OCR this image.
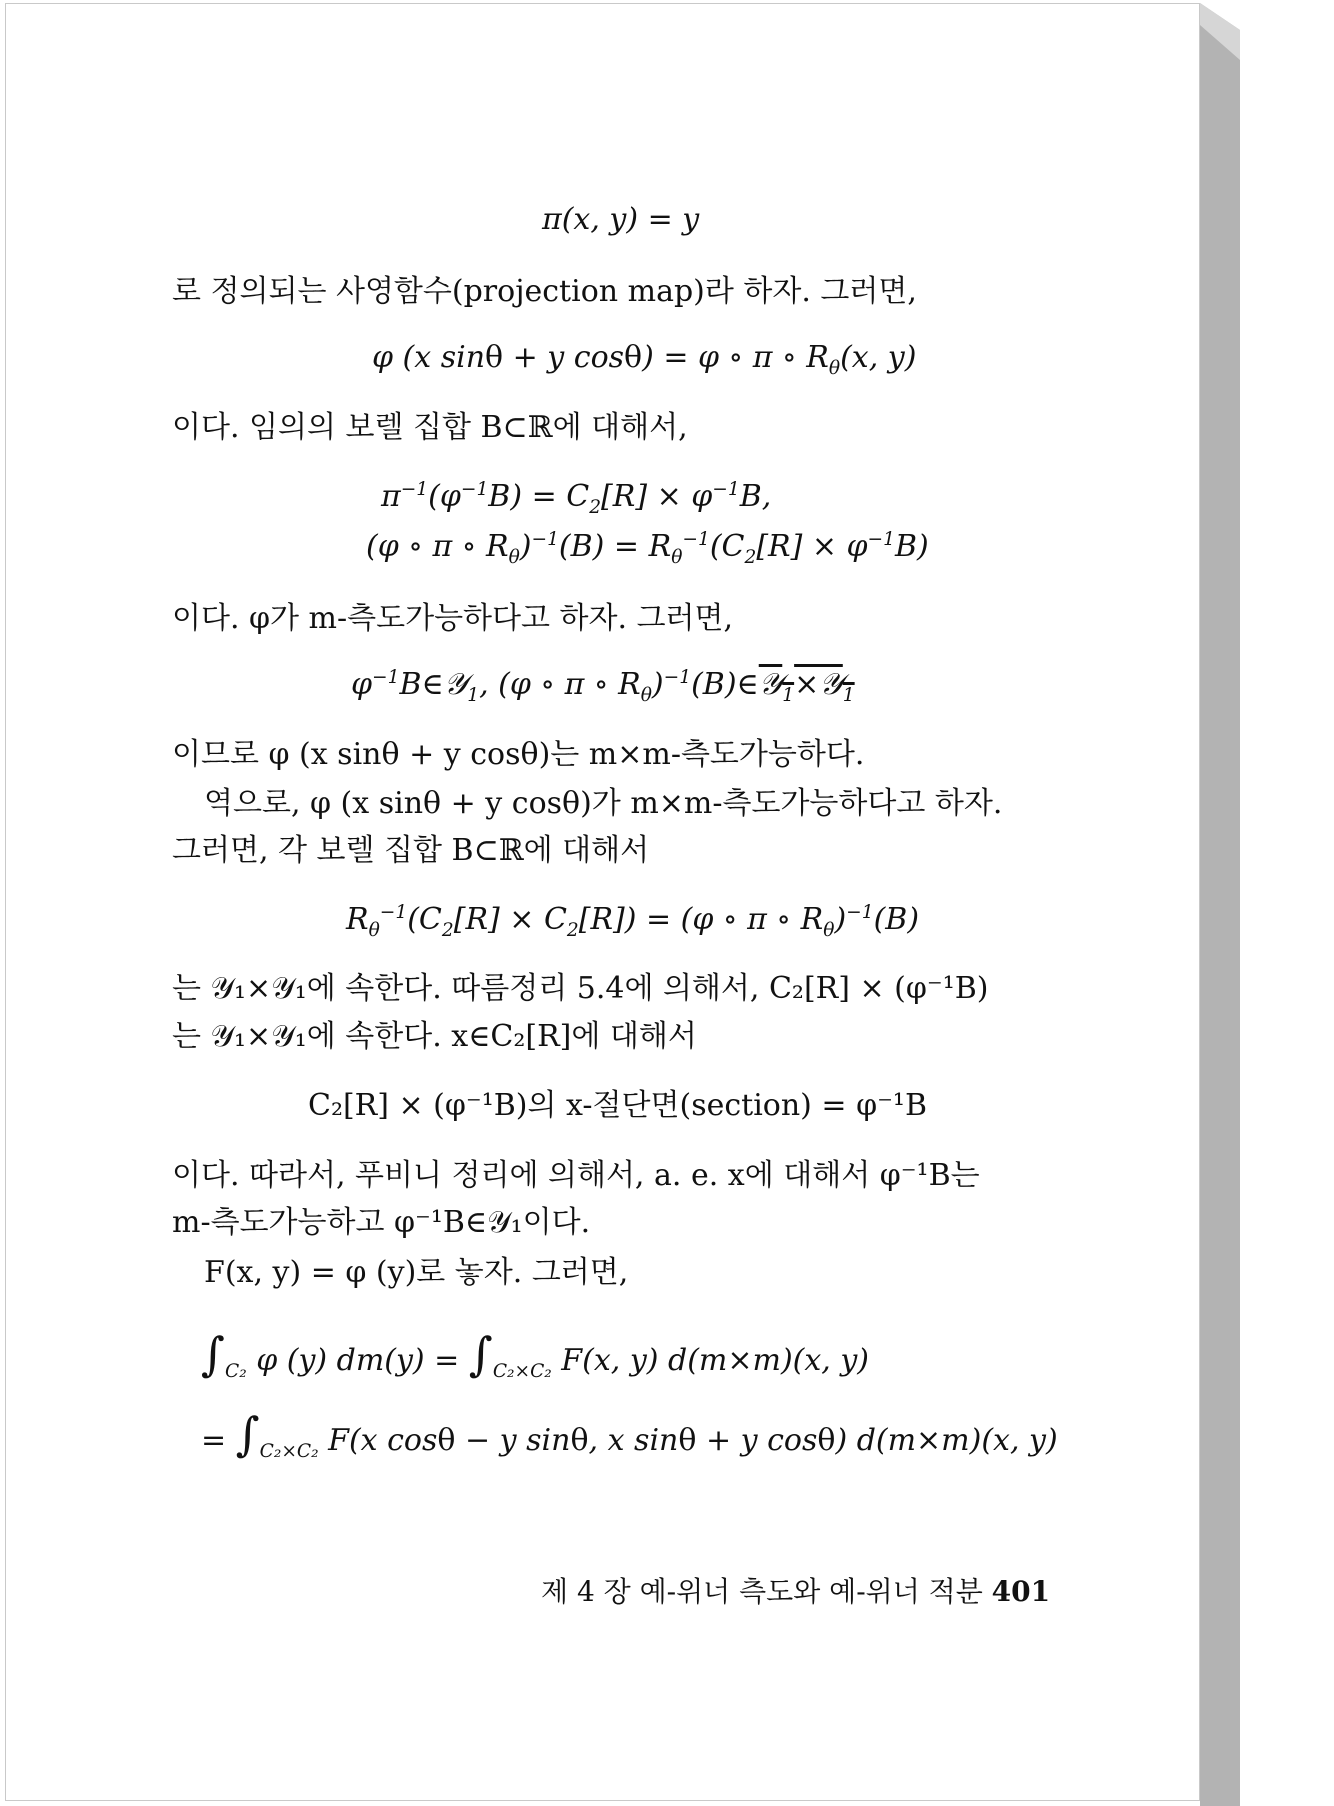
π(x, y) = y
로 정의되는 사영함수(projection map)라 하자. 그러면,
φ (x sinθ + y cosθ) = φ ∘ π ∘ $R_\theta(x$, y)
이다. 임의의 보렐 집합 B⊂ℝ에 대해서,
$\pi^{-1}(\varphi^{-1}B) = C_2[R] \times \varphi^{-1}B$,
(φ ∘ π ∘ $R_\theta)^{-1}(B) = R_\theta^{-1}(C_2[R] \times \varphi^{-1}B)$
이다. φ가 m-측도가능하다고 하자. 그러면,
$\varphi^{-1}B\in 𝒴_1$, (φ ∘ π ∘ $R_\theta)^{-1}(B)\in 𝒴_1\times 𝒴_1$
이므로 φ (x sinθ + y cosθ)는 m×m-측도가능하다.
역으로, φ (x sinθ + y cosθ)가 m×m-측도가능하다고 하자.
그러면, 각 보렐 집합 B⊂ℝ에 대해서
$R_\theta^{-1}(C_2[R] \times C_2[R]) = (\varphi$ ∘ π ∘ $R_\theta)^{-1}(B)$
는 𝒴₁×𝒴₁에 속한다. 따름정리 5.4에 의해서, C₂[R] × (φ⁻¹B)
는 𝒴₁×𝒴₁에 속한다. x∈C₂[R]에 대해서
C₂[R] × (φ⁻¹B)의 x-절단면(section) = φ⁻¹B
이다. 따라서, 푸비니 정리에 의해서, a. e. x에 대해서 φ⁻¹B는
m-측도가능하고 φ⁻¹B∈𝒴₁이다.
F(x, y) = φ (y)로 놓자. 그러면,
$\int_{C_2}$ φ (y) $dm(y) = \int_{C_2\times C_2}$ F(x, y) d(m×m)(x, y)
= $\int_{C_2\times C_2}$ F(x cosθ − y sinθ, x sinθ + y cosθ) d(m×m)(x, y)
제 4 장 예-위너 측도와 예-위너 적분 401
